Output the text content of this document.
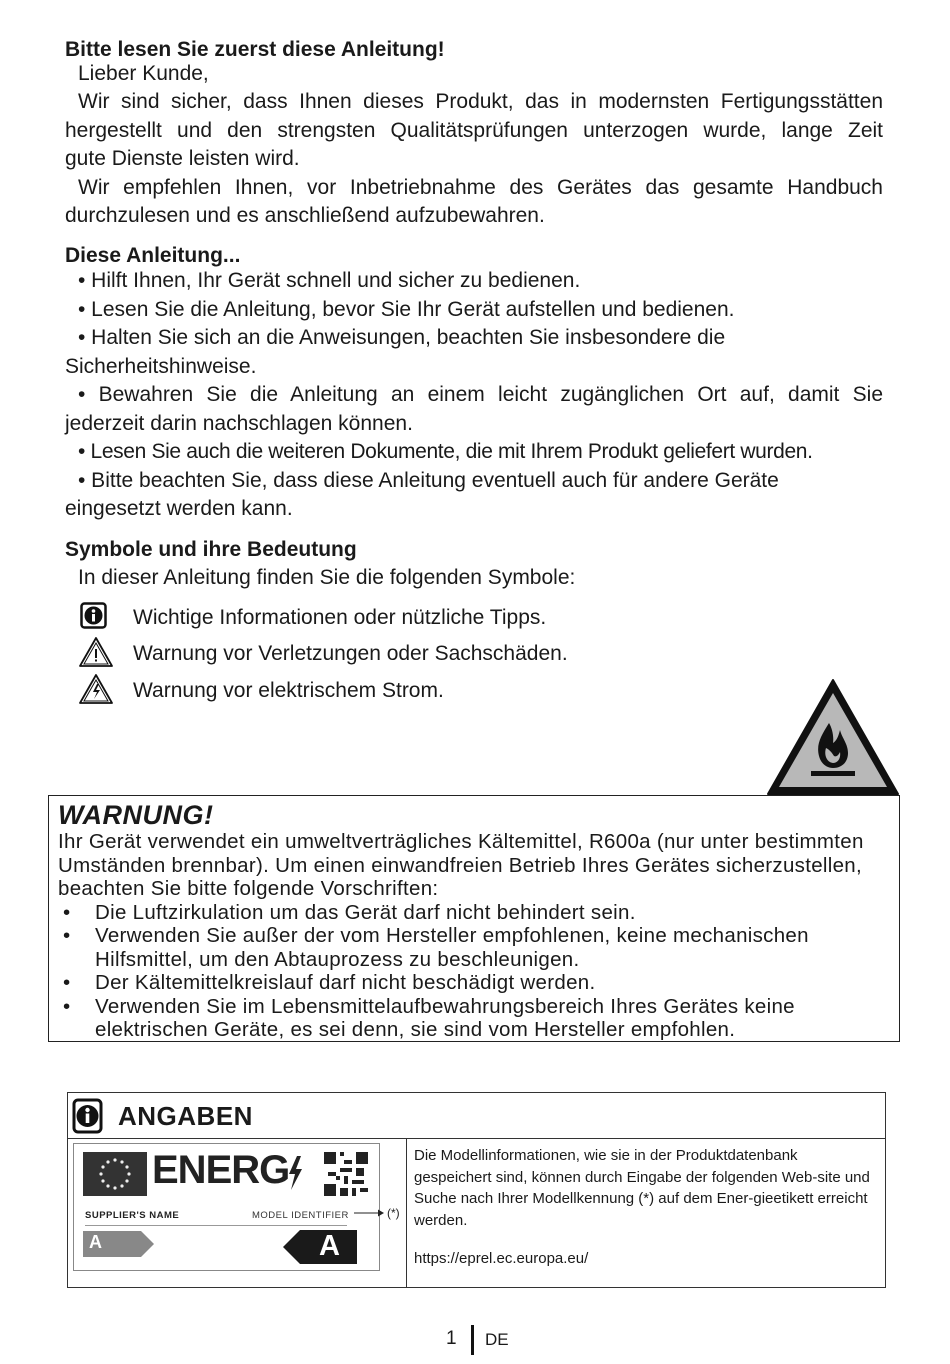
Bitte lesen Sie zuerst diese Anleitung!
Lieber Kunde,
Wir sind sicher, dass Ihnen dieses Produkt, das in modernsten Fertigungsstätten
hergestellt und den strengsten Qualitätsprüfungen unterzogen wurde, lange Zeit
gute Dienste leisten wird.
Wir empfehlen Ihnen, vor Inbetriebnahme des Gerätes das gesamte Handbuch
durchzulesen und es anschließend aufzubewahren.
Diese Anleitung...
• Hilft Ihnen, Ihr Gerät schnell und sicher zu bedienen.
• Lesen Sie die Anleitung, bevor Sie Ihr Gerät aufstellen und bedienen.
• Halten Sie sich an die Anweisungen, beachten Sie insbesondere die
Sicherheitshinweise.
• Bewahren Sie die Anleitung an einem leicht zugänglichen Ort auf, damit Sie
jederzeit darin nachschlagen können.
• Lesen Sie auch die weiteren Dokumente, die mit Ihrem Produkt geliefert wurden.
• Bitte beachten Sie, dass diese Anleitung eventuell auch für andere Geräte
eingesetzt werden kann.
Symbole und ihre Bedeutung
In dieser Anleitung finden Sie die folgenden Symbole:
Wichtige Informationen oder nützliche Tipps.
Warnung vor Verletzungen oder Sachschäden.
Warnung vor elektrischem Strom.
WARNUNG!
Ihr Gerät verwendet ein umweltverträgliches Kältemittel, R600a (nur unter bestimmten Umständen brennbar). Um einen einwandfreien Betrieb Ihres Gerätes sicherzustellen, beachten Sie bitte folgende Vorschriften:
• Die Luftzirkulation um das Gerät darf nicht behindert sein.
• Verwenden Sie außer der vom Hersteller empfohlenen, keine mechanischen Hilfsmittel, um den Abtauprozess zu beschleunigen.
• Der Kältemittelkreislauf darf nicht beschädigt werden.
• Verwenden Sie im Lebensmittelaufbewahrungsbereich Ihres Gerätes keine elektrischen Geräte, es sei denn, sie sind vom Hersteller empfohlen.
ANGABEN
ENERG
SUPPLIER'S NAME	MODEL IDENTIFIER
A	A
(*)
Die Modellinformationen, wie sie in der Produktdatenbank gespeichert sind, können durch Eingabe der folgenden Web-site und Suche nach Ihrer Modellkennung (*) auf dem Ener-gieetikett erreicht werden.
https://eprel.ec.europa.eu/
1 DE
